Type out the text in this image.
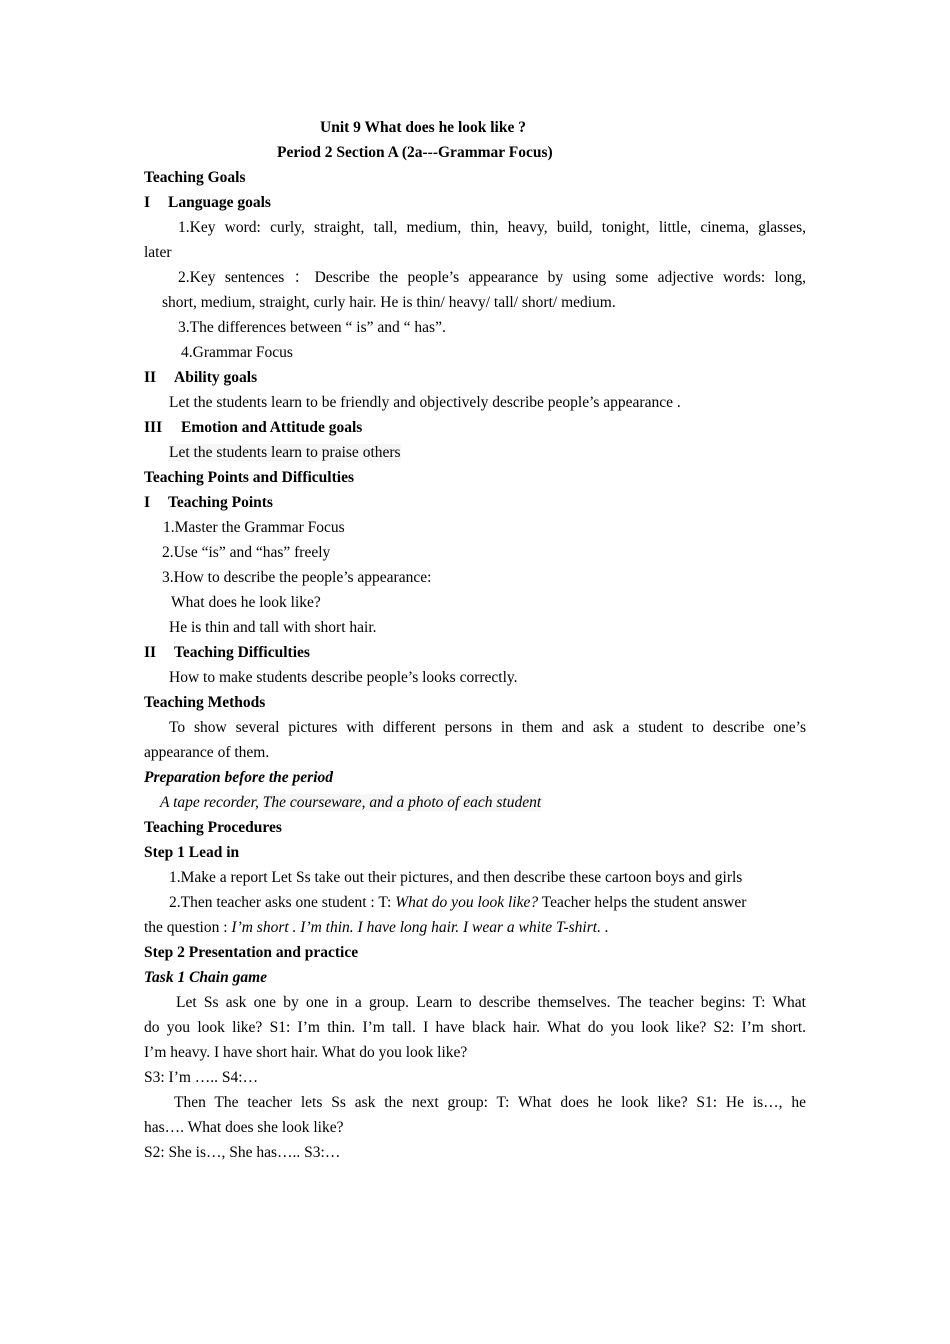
Unit 9 What does he look like ?
Period 2 Section A (2a---Grammar Focus)
Teaching Goals
I Language goals
1.Key word: curly, straight, tall, medium, thin, heavy, build, tonight, little, cinema, glasses,
later
2.Key sentences ：Describe the people’s appearance by using some adjective words: long,
short, medium, straight, curly hair. He is thin/ heavy/ tall/ short/ medium.
3.The differences between “ is” and “ has”.
4.Grammar Focus
II Ability goals
Let the students learn to be friendly and objectively describe people’s appearance .
III Emotion and Attitude goals
Let the students learn to praise others
Teaching Points and Difficulties
I Teaching Points
1.Master the Grammar Focus
2.Use “is” and “has” freely
3.How to describe the people’s appearance:
What does he look like?
He is thin and tall with short hair.
II Teaching Difficulties
How to make students describe people’s looks correctly.
Teaching Methods
To show several pictures with different persons in them and ask a student to describe one’s
appearance of them.
Preparation before the period
A tape recorder, The courseware, and a photo of each student
Teaching Procedures
Step 1 Lead in
1.Make a report Let Ss take out their pictures, and then describe these cartoon boys and girls
2.Then teacher asks one student : T: What do you look like? Teacher helps the student answer
the question : I’m short . I’m thin. I have long hair. I wear a white T-shirt. .
Step 2 Presentation and practice
Task 1 Chain game
Let Ss ask one by one in a group. Learn to describe themselves. The teacher begins: T: What
do you look like? S1: I’m thin. I’m tall. I have black hair. What do you look like? S2: I’m short.
I’m heavy. I have short hair. What do you look like?
S3: I’m ….. S4:…
Then The teacher lets Ss ask the next group: T: What does he look like? S1: He is…, he
has…. What does she look like?
S2: She is…, She has….. S3:…
